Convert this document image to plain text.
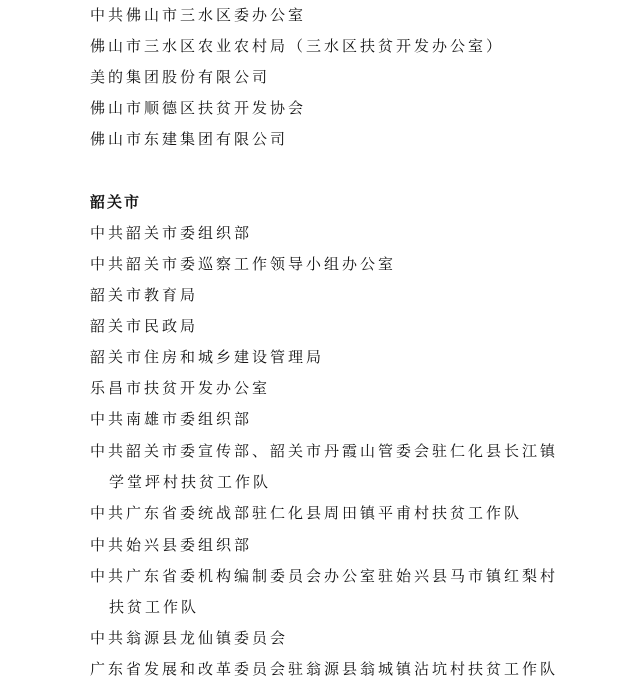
中共佛山市三水区委办公室
佛山市三水区农业农村局（三水区扶贫开发办公室）
美的集团股份有限公司
佛山市顺德区扶贫开发协会
佛山市东建集团有限公司
韶关市
中共韶关市委组织部
中共韶关市委巡察工作领导小组办公室
韶关市教育局
韶关市民政局
韶关市住房和城乡建设管理局
乐昌市扶贫开发办公室
中共南雄市委组织部
中共韶关市委宣传部、韶关市丹霞山管委会驻仁化县长江镇
学堂坪村扶贫工作队
中共广东省委统战部驻仁化县周田镇平甫村扶贫工作队
中共始兴县委组织部
中共广东省委机构编制委员会办公室驻始兴县马市镇红梨村
扶贫工作队
中共翁源县龙仙镇委员会
广东省发展和改革委员会驻翁源县翁城镇沾坑村扶贫工作队
